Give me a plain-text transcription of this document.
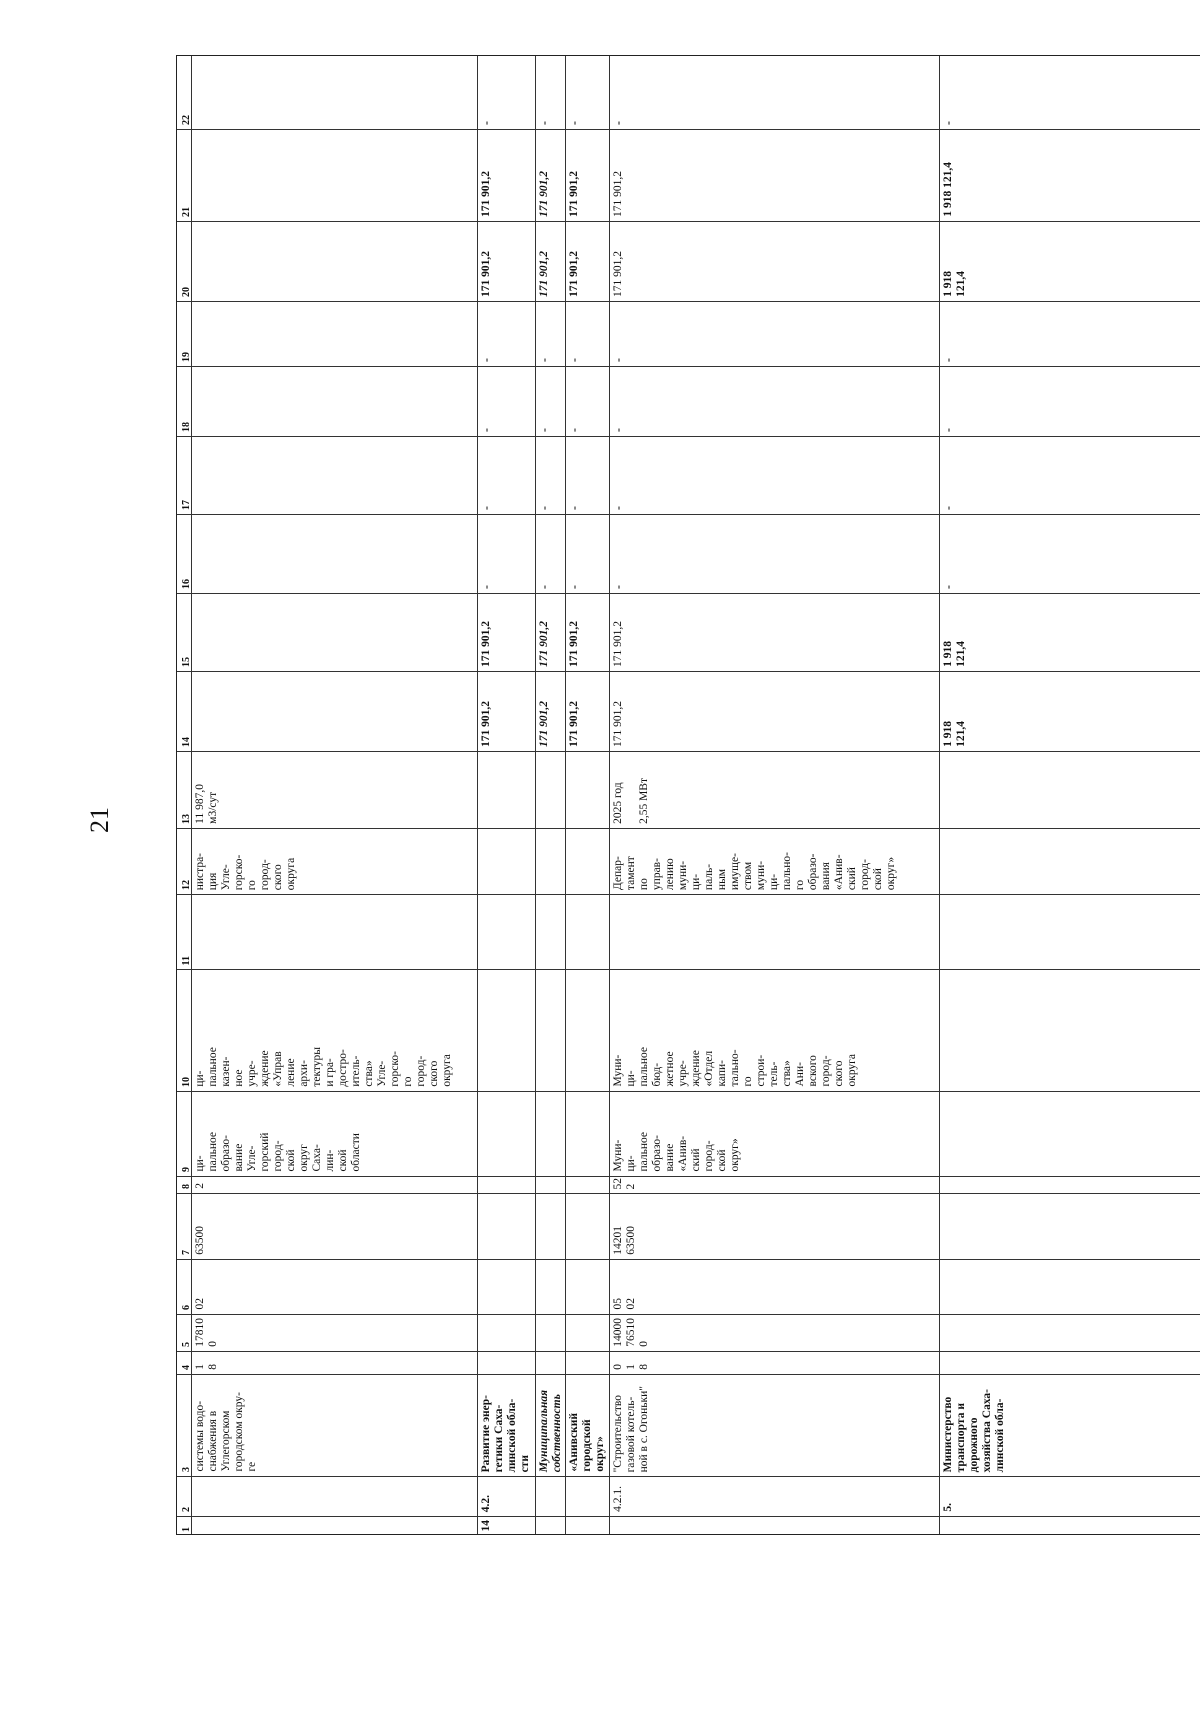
21
1
2
3
4
5
6
7
8
9
10
11
12
13
14
15
16
17
18
19
20
21
22
системы водо-
снабжения в
Углегорском
городском окру-
ге
1
8
17810
0
02
63500
2
ци-
пальное
образо-
вание
Угле-
горский
город-
ской
округ
Саха-
лин-
ской
области
ци-
пальное
казен-
ное
учре-
ждение
«Управ
ление
архи-
тектуры
и гра-
достро-
итель-
ства»
Угле-
горско-
го
город-
ского
округа
нистра-
ция
Угле-
горско-
го
город-
ского
округа
11 987,0
м3/сут
14
4.2.
Развитие энер-
гетики Саха-
линской обла-
сти
171 901,2
171 901,2
-
-
-
-
171 901,2
171 901,2
-
Муниципальная
собственность
171 901,2
171 901,2
-
-
-
-
171 901,2
171 901,2
-
«Анивский
городской
округ»
171 901,2
171 901,2
-
-
-
-
171 901,2
171 901,2
-
4.2.1.
"Строительство
газовой котель-
ной в с. Огоньки"
0
1
8
14000
76510
0
05
02
14201
63500
52
2
Муни-
ци-
пальное
образо-
вание
«Анив-
ский
город-
ской
округ»
Муни-
ци-
пальное
бюд-
жетное
учре-
ждение
«Отдел
капи-
тально-
го
строи-
тель-
ства»
Ани-
вского
город-
ского
округа
Депар-
тамент
по
управ-
лению
муни-
ци-
паль-
ным
имуще-
ством
муни-
ци-
пально-
го
образо-
вания
«Анив-
ский
город-
ской
округ»
2025 год

2,55 МВт
171 901,2
171 901,2
-
-
-
-
171 901,2
171 901,2
-
5.
Министерство
транспорта и
дорожного
хозяйства Саха-
линской обла-
1 918
121,4
1 918
121,4
-
-
-
-
1 918
121,4
1 918 121,4
-
